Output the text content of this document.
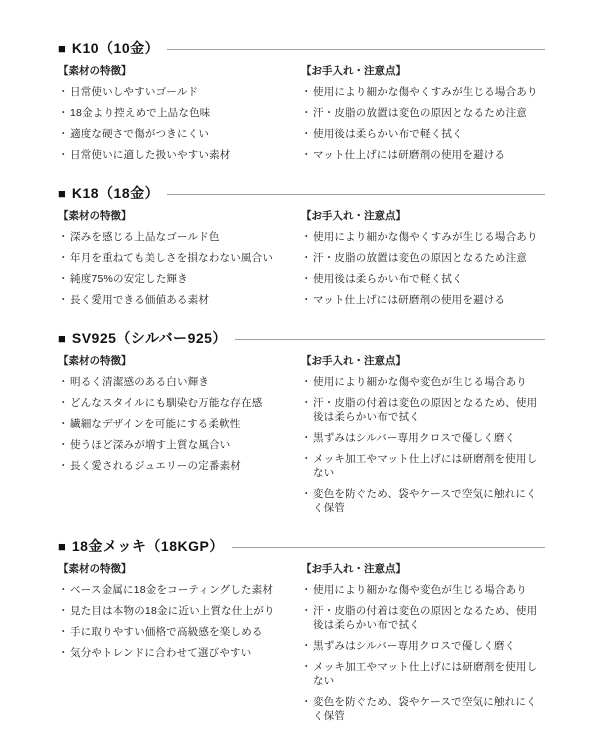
■ K10（10金）
【素材の特徴】
・ 日常使いしやすいゴールド
・ 18金より控えめで上品な色味
・ 適度な硬さで傷がつきにくい
・ 日常使いに適した扱いやすい素材
【お手入れ・注意点】
・ 使用により細かな傷やくすみが生じる場合あり
・ 汗・皮脂の放置は変色の原因となるため注意
・ 使用後は柔らかい布で軽く拭く
・ マット仕上げには研磨剤の使用を避ける
■ K18（18金）
【素材の特徴】
・ 深みを感じる上品なゴールド色
・ 年月を重ねても美しさを損なわない風合い
・ 純度75%の安定した輝き
・ 長く愛用できる価値ある素材
【お手入れ・注意点】
・ 使用により細かな傷やくすみが生じる場合あり
・ 汗・皮脂の放置は変色の原因となるため注意
・ 使用後は柔らかい布で軽く拭く
・ マット仕上げには研磨剤の使用を避ける
■ SV925（シルバー925）
【素材の特徴】
・ 明るく清潔感のある白い輝き
・ どんなスタイルにも馴染む万能な存在感
・ 繊細なデザインを可能にする柔軟性
・ 使うほど深みが増す上質な風合い
・ 長く愛されるジュエリーの定番素材
【お手入れ・注意点】
・ 使用により細かな傷や変色が生じる場合あり
・ 汗・皮脂の付着は変色の原因となるため、使用後は柔らかい布で拭く
・ 黒ずみはシルバー専用クロスで優しく磨く
・ メッキ加工やマット仕上げには研磨剤を使用しない
・ 変色を防ぐため、袋やケースで空気に触れにくく保管
■ 18金メッキ（18KGP）
【素材の特徴】
・ ベース金属に18金をコーティングした素材
・ 見た目は本物の18金に近い上質な仕上がり
・ 手に取りやすい価格で高級感を楽しめる
・ 気分やトレンドに合わせて選びやすい
【お手入れ・注意点】
・ 使用により細かな傷や変色が生じる場合あり
・ 汗・皮脂の付着は変色の原因となるため、使用後は柔らかい布で拭く
・ 黒ずみはシルバー専用クロスで優しく磨く
・ メッキ加工やマット仕上げには研磨剤を使用しない
・ 変色を防ぐため、袋やケースで空気に触れにくく保管
